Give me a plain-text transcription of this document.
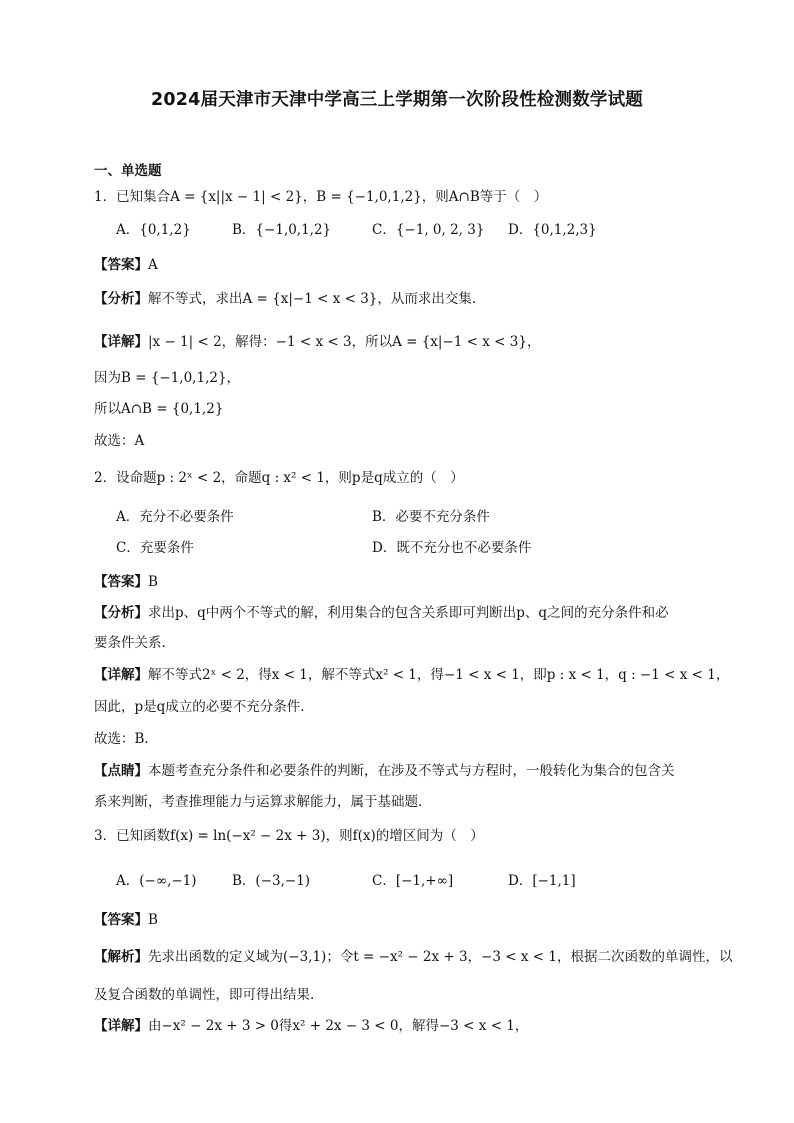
2024届天津市天津中学高三上学期第一次阶段性检测数学试题
一、单选题
1．已知集合A = {x||x − 1| < 2}，B = {−1,0,1,2}，则A∩B等于（　）
A．{0,1,2}	B．{−1,0,1,2}	C．{−1, 0, 2, 3} D．{0,1,2,3}
【答案】A
【分析】解不等式，求出A = {x|−1 < x < 3}，从而求出交集.
【详解】|x − 1| < 2，解得：−1 < x < 3，所以A = {x|−1 < x < 3}，
因为B = {−1,0,1,2}，
所以A∩B = {0,1,2}
故选：A
2．设命题p : 2ˣ < 2，命题q : x² < 1，则p是q成立的（　）
A．充分不必要条件	B．必要不充分条件
C．充要条件	D．既不充分也不必要条件
【答案】B
【分析】求出p、q中两个不等式的解，利用集合的包含关系即可判断出p、q之间的充分条件和必
要条件关系.
【详解】解不等式2ˣ < 2，得x < 1，解不等式x² < 1，得−1 < x < 1，即p : x < 1，q : −1 < x < 1，
因此，p是q成立的必要不充分条件.
故选：B.
【点睛】本题考查充分条件和必要条件的判断，在涉及不等式与方程时，一般转化为集合的包含关
系来判断，考查推理能力与运算求解能力，属于基础题.
3．已知函数f(x) = ln(−x² − 2x + 3)，则f(x)的增区间为（　）
A．(−∞,−1)	B．(−3,−1)	C．[−1,+∞]	D．[−1,1]
【答案】B
【解析】先求出函数的定义域为(−3,1)；令t = −x² − 2x + 3，−3 < x < 1，根据二次函数的单调性，以
及复合函数的单调性，即可得出结果.
【详解】由−x² − 2x + 3 > 0得x² + 2x − 3 < 0，解得−3 < x < 1，
